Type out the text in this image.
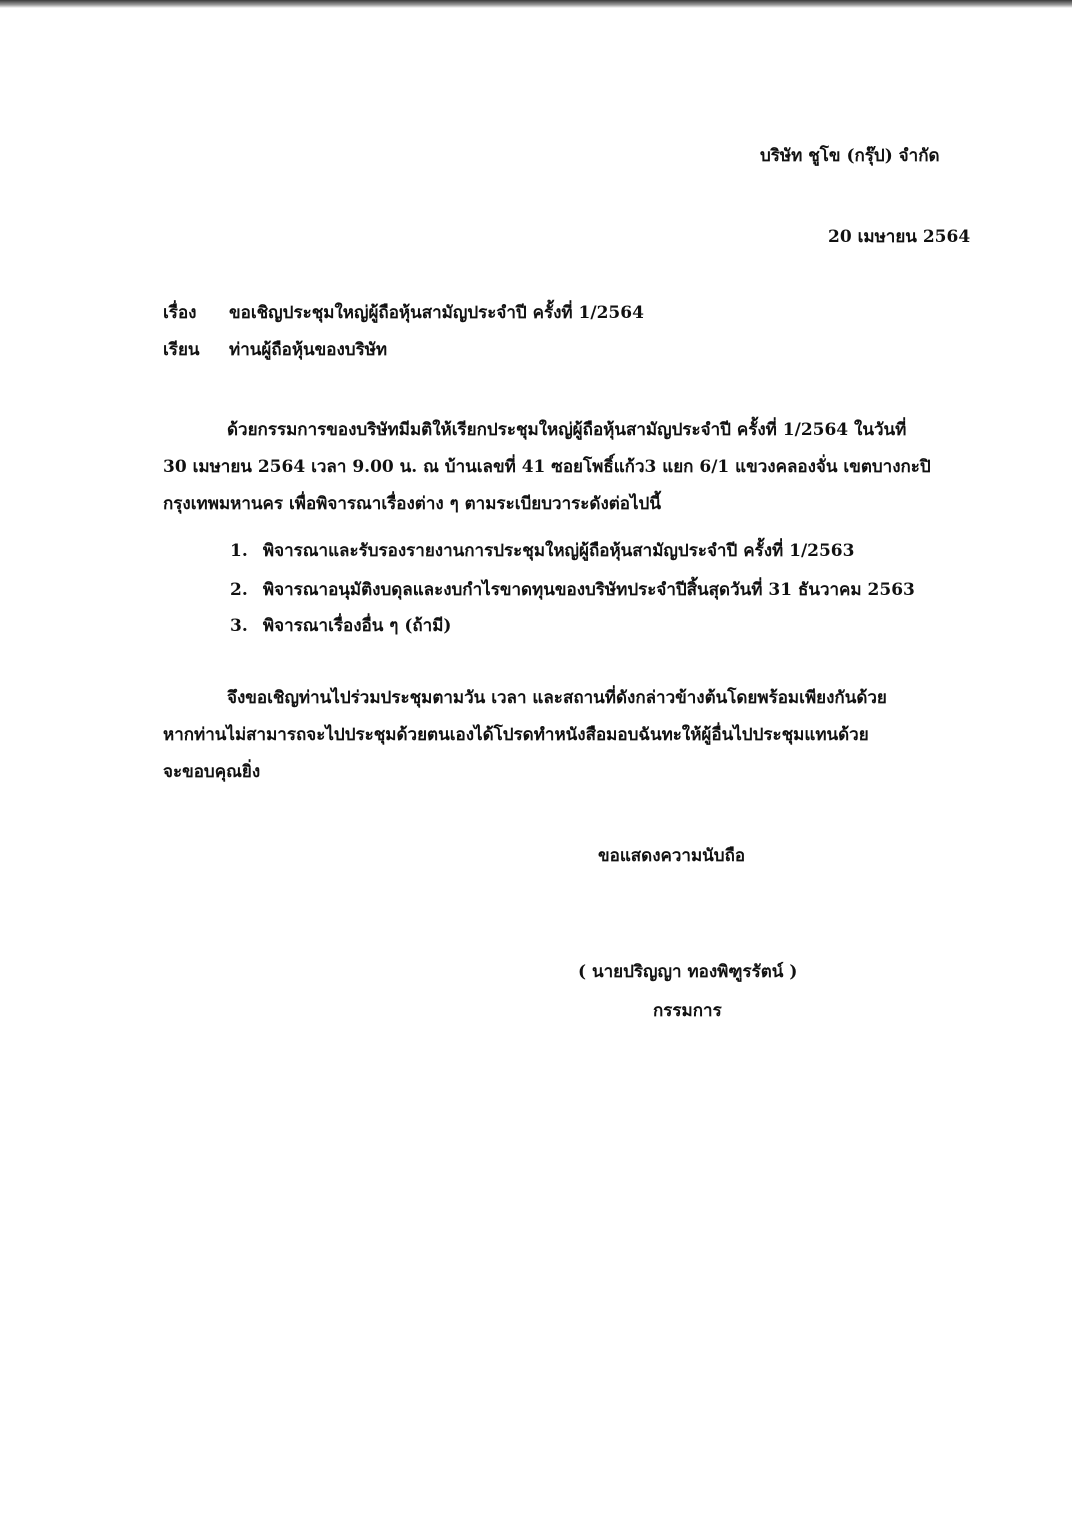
บริษัท ชูโข (กรุ๊ป) จำกัด
20 เมษายน 2564
เรื่อง ขอเชิญประชุมใหญ่ผู้ถือหุ้นสามัญประจำปี ครั้งที่ 1/2564
เรียน ท่านผู้ถือหุ้นของบริษัท
ด้วยกรรมการของบริษัทมีมติให้เรียกประชุมใหญ่ผู้ถือหุ้นสามัญประจำปี ครั้งที่ 1/2564 ในวันที่
30 เมษายน 2564 เวลา 9.00 น. ณ บ้านเลขที่ 41 ซอยโพธิ์แก้ว3 แยก 6/1 แขวงคลองจั่น เขตบางกะปิ
กรุงเทพมหานคร เพื่อพิจารณาเรื่องต่าง ๆ ตามระเบียบวาระดังต่อไปนี้
1. พิจารณาและรับรองรายงานการประชุมใหญ่ผู้ถือหุ้นสามัญประจำปี ครั้งที่ 1/2563
2. พิจารณาอนุมัติงบดุลและงบกำไรขาดทุนของบริษัทประจำปีสิ้นสุดวันที่ 31 ธันวาคม 2563
3. พิจารณาเรื่องอื่น ๆ (ถ้ามี)
จึงขอเชิญท่านไปร่วมประชุมตามวัน เวลา และสถานที่ดังกล่าวข้างต้นโดยพร้อมเพียงกันด้วย
หากท่านไม่สามารถจะไปประชุมด้วยตนเองได้โปรดทำหนังสือมอบฉันทะให้ผู้อื่นไปประชุมแทนด้วย
จะขอบคุณยิ่ง
ขอแสดงความนับถือ
( นายปริญญา ทองพิฑูรรัตน์ )
กรรมการ
